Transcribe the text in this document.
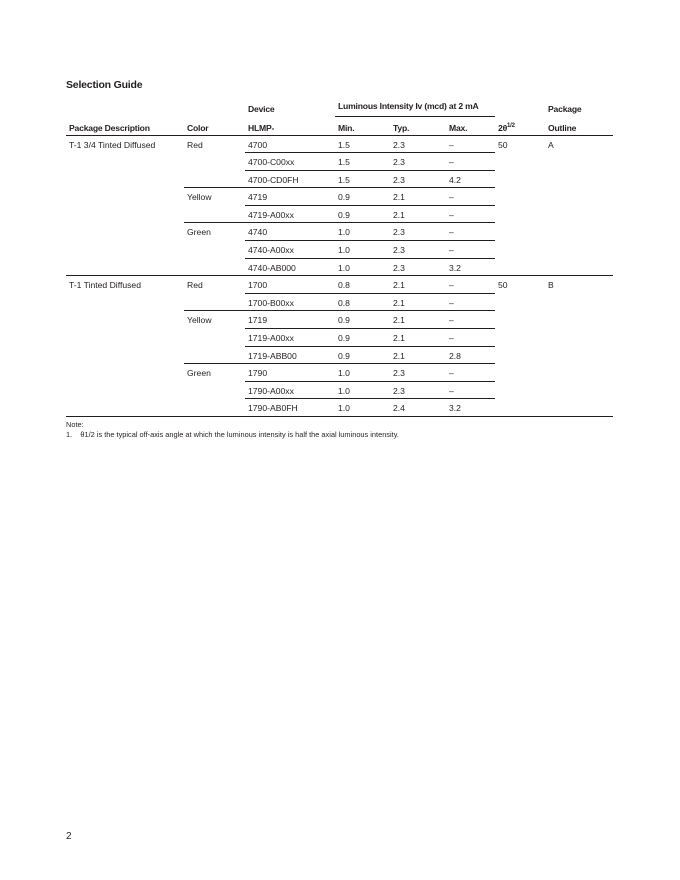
Selection Guide
		Device	Luminous Intensity Iv (mcd) at 2 mA				Package
Package Description	Color	HLMP-	Min.	Typ.	Max.	$2\theta^{1/2}$	Outline
T-1 3/4 Tinted Diffused	Red	4700	1.5	2.3	–	50	A
		4700-C00xx	1.5	2.3	–		
		4700-CD0FH	1.5	2.3	4.2		
	Yellow	4719	0.9	2.1	–		
		4719-A00xx	0.9	2.1	–		
	Green	4740	1.0	2.3	–		
		4740-A00xx	1.0	2.3	–		
		4740-AB000	1.0	2.3	3.2		
T-1 Tinted Diffused	Red	1700	0.8	2.1	–	50	B
		1700-B00xx	0.8	2.1	–		
	Yellow	1719	0.9	2.1	–		
		1719-A00xx	0.9	2.1	–		
		1719-ABB00	0.9	2.1	2.8		
	Green	1790	1.0	2.3	–		
		1790-A00xx	1.0	2.3	–		
		1790-AB0FH	1.0	2.4	3.2		
Note:
1. θ1/2 is the typical off-axis angle at which the luminous intensity is half the axial luminous intensity.
2
